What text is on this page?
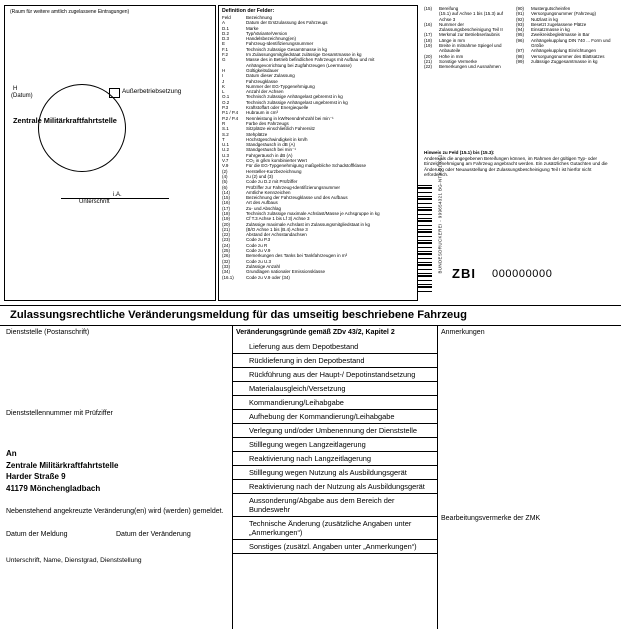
(Raum für weitere amtlich zugelassene Eintragungen)
H
(Datum)
Außerbetriebsetzung
Zentrale Militärkraftfahrtstelle
i.A.
Unterschrift
Definition der Felder:
Feld	Bezeichnung
A	Datum der Erstzulassung des Fahrzeugs
D.1	Marke
D.2	Typ/Variante/Version
D.3	Handelsbezeichnung(en)
E	Fahrzeug-Identifizierungsnummer
F.1	Technisch zulässige Gesamtmasse in kg
F.2	Im Zulassungsmitgliedstaat zulässige Gesamtmasse in kg
G	Masse des in Betrieb befindlichen Fahrzeugs mit Aufbau und mit Anhängevorrichtung bei Zugfahrzeugen (Leermasse)
H	Gültigkeitsdauer
I	Datum dieser Zulassung
J	Fahrzeugklasse
K	Nummer der EG-Typgenehmigung
L	Anzahl der Achsen
O.1	Technisch zulässige Anhängelast gebremst in kg
O.2	Technisch zulässige Anhängelast ungebremst in kg
P.3	Kraftstoffart oder Energiequelle
P.1 / P.4	Hubraum in cm³
P.2 / P.4	Nennleistung in kW/Nenndrehzahl bei min⁻¹
R	Farbe des Fahrzeugs
S.1	Sitzplätze einschließlich Fahrersitz
S.2	Stehplätze
T	Höchstgeschwindigkeit in km/h
U.1	Standgeräusch in dB (A)
U.2	Standgeräusch bei min⁻¹
U.3	Fahrgeräusch in dB (A)
V.7	CO₂ in g/km kombinierter Wert
V.9	Für die EG-Typgenehmigung maßgebliche Schadstoffklasse
(2)	Hersteller-Kurzbezeichnung
(4)	zu (2) und (3)
(5)	Code zu D.2 mit Prüfziffer
(6)	Prüfziffer zur Fahrzeug-Identifizierungsnummer
(14)	Amtliche Kennzeichen
(15)	Bezeichnung der Fahrzeugklasse und des Aufbaus
(16)	Art des Aufbaus
(17)	Zu- und Abschlag
(18)	Technisch zulässige maximale Achslast/Masse je Achsgruppe in kg
(19)	Cf T.3 Achse 1 bis Lf 3) Achse 3
(20)	Zulässige maximale Achslast im Zulassungsmitgliedstaat in kg
(21)	(B/O Achse 1 bis (B.4) Achse 3
(22)	Abstand der Achsstandachsen
(23)	Code zu P.3
(24)	Code zu R
(25)	Code zu V.9
(26)	Bemerkungen des Tanks bei Tankfahrzeugen in m³
(32)	Code zu U.3
(33)	Zulässige Anzahl
(34)	Grundlagen nationaler Emissionsklasse
(16.1)	Code zu V.9 oder (34)
(15)	Bereifung
(15.1) auf Achse 1 bis (15.3) auf Achse 3
(16)	Nummer der Zulassungsbescheinigung Teil II
(17)	Merkmal zur Betriebserlaubnis
(18)	Länge in mm
(19)	Breite in mitnahme Spiegel und Anbauteile
(20)	Höhe in mm
(21)	Sonstige Vermerke
(22)	Bemerkungen und Ausnahmen
(90)	Mustergutscheinfen
(91)	Versorgungsnummer (Fahrzeug)
(92)	Nutzlast in kg
(93)	Besetzt zugelassene Plätze
(94)	Einsatzmasse in kg
(95)	Zweikreisbegleitmasse in Bar
(96)	Anhängekupplung DIN 740 ... Form und Größe
(97)	Anhängekupplung Einrichtungen
(98)	Versorgungsnummer des Blattsatzes
(99)	zulässige Zuggesamtmasse in kg
Hinweis zu Feld (15.1) bis (15.3):
Andere als die angegebenen Bereifungen können, im Rahmen der gültigen Typ- oder Einzelgenehmigung am Fahrzeug angebracht werden. Ein zusätzliches Gutachten und die Änderung oder Neuausstellung der Zulassungsbescheinigung Teil I ist hierfür nicht erforderlich.
BUNDESDRUCKEREI - 999654321 BG-NTV-01-051 ZBI 000000000
Zulassungsrechtliche Veränderungsmeldung für das umseitig beschriebene Fahrzeug
Dienststelle (Postanschrift)	Veränderungsgründe gemäß ZDv 43/2, Kapitel 2	Anmerkungen
Lieferung aus dem Depotbestand
Rücklieferung in den Depotbestand
Rückführung aus der Haupt-/ Depotinstandsetzung
Materialausgleich/Versetzung
Kommandierung/Leihabgabe
Aufhebung der Kommandierung/Leihabgabe
Verlegung und/oder Umbenennung der Dienststelle
Stilllegung wegen Langzeitlagerung
Reaktivierung nach Langzeitlagerung
Stilllegung wegen Nutzung als Ausbildungsgerät
Reaktivierung nach der Nutzung als Ausbildungsgerät
Aussonderung/Abgabe aus dem Bereich der Bundeswehr
Technische Änderung (zusätzliche Angaben unter „Anmerkungen“)
Sonstiges (zusätzl. Angaben unter „Anmerkungen“)
Dienststellennummer mit Prüfziffer
An
Zentrale Militärkraftfahrtstelle
Harder Straße 9
41179 Mönchengladbach
Nebenstehend angekreuzte Veränderung(en) wird (werden) gemeldet.
Datum der Meldung	Datum der Veränderung
Unterschrift, Name, Dienstgrad, Dienststellung
Bearbeitungsvermerke der ZMK
